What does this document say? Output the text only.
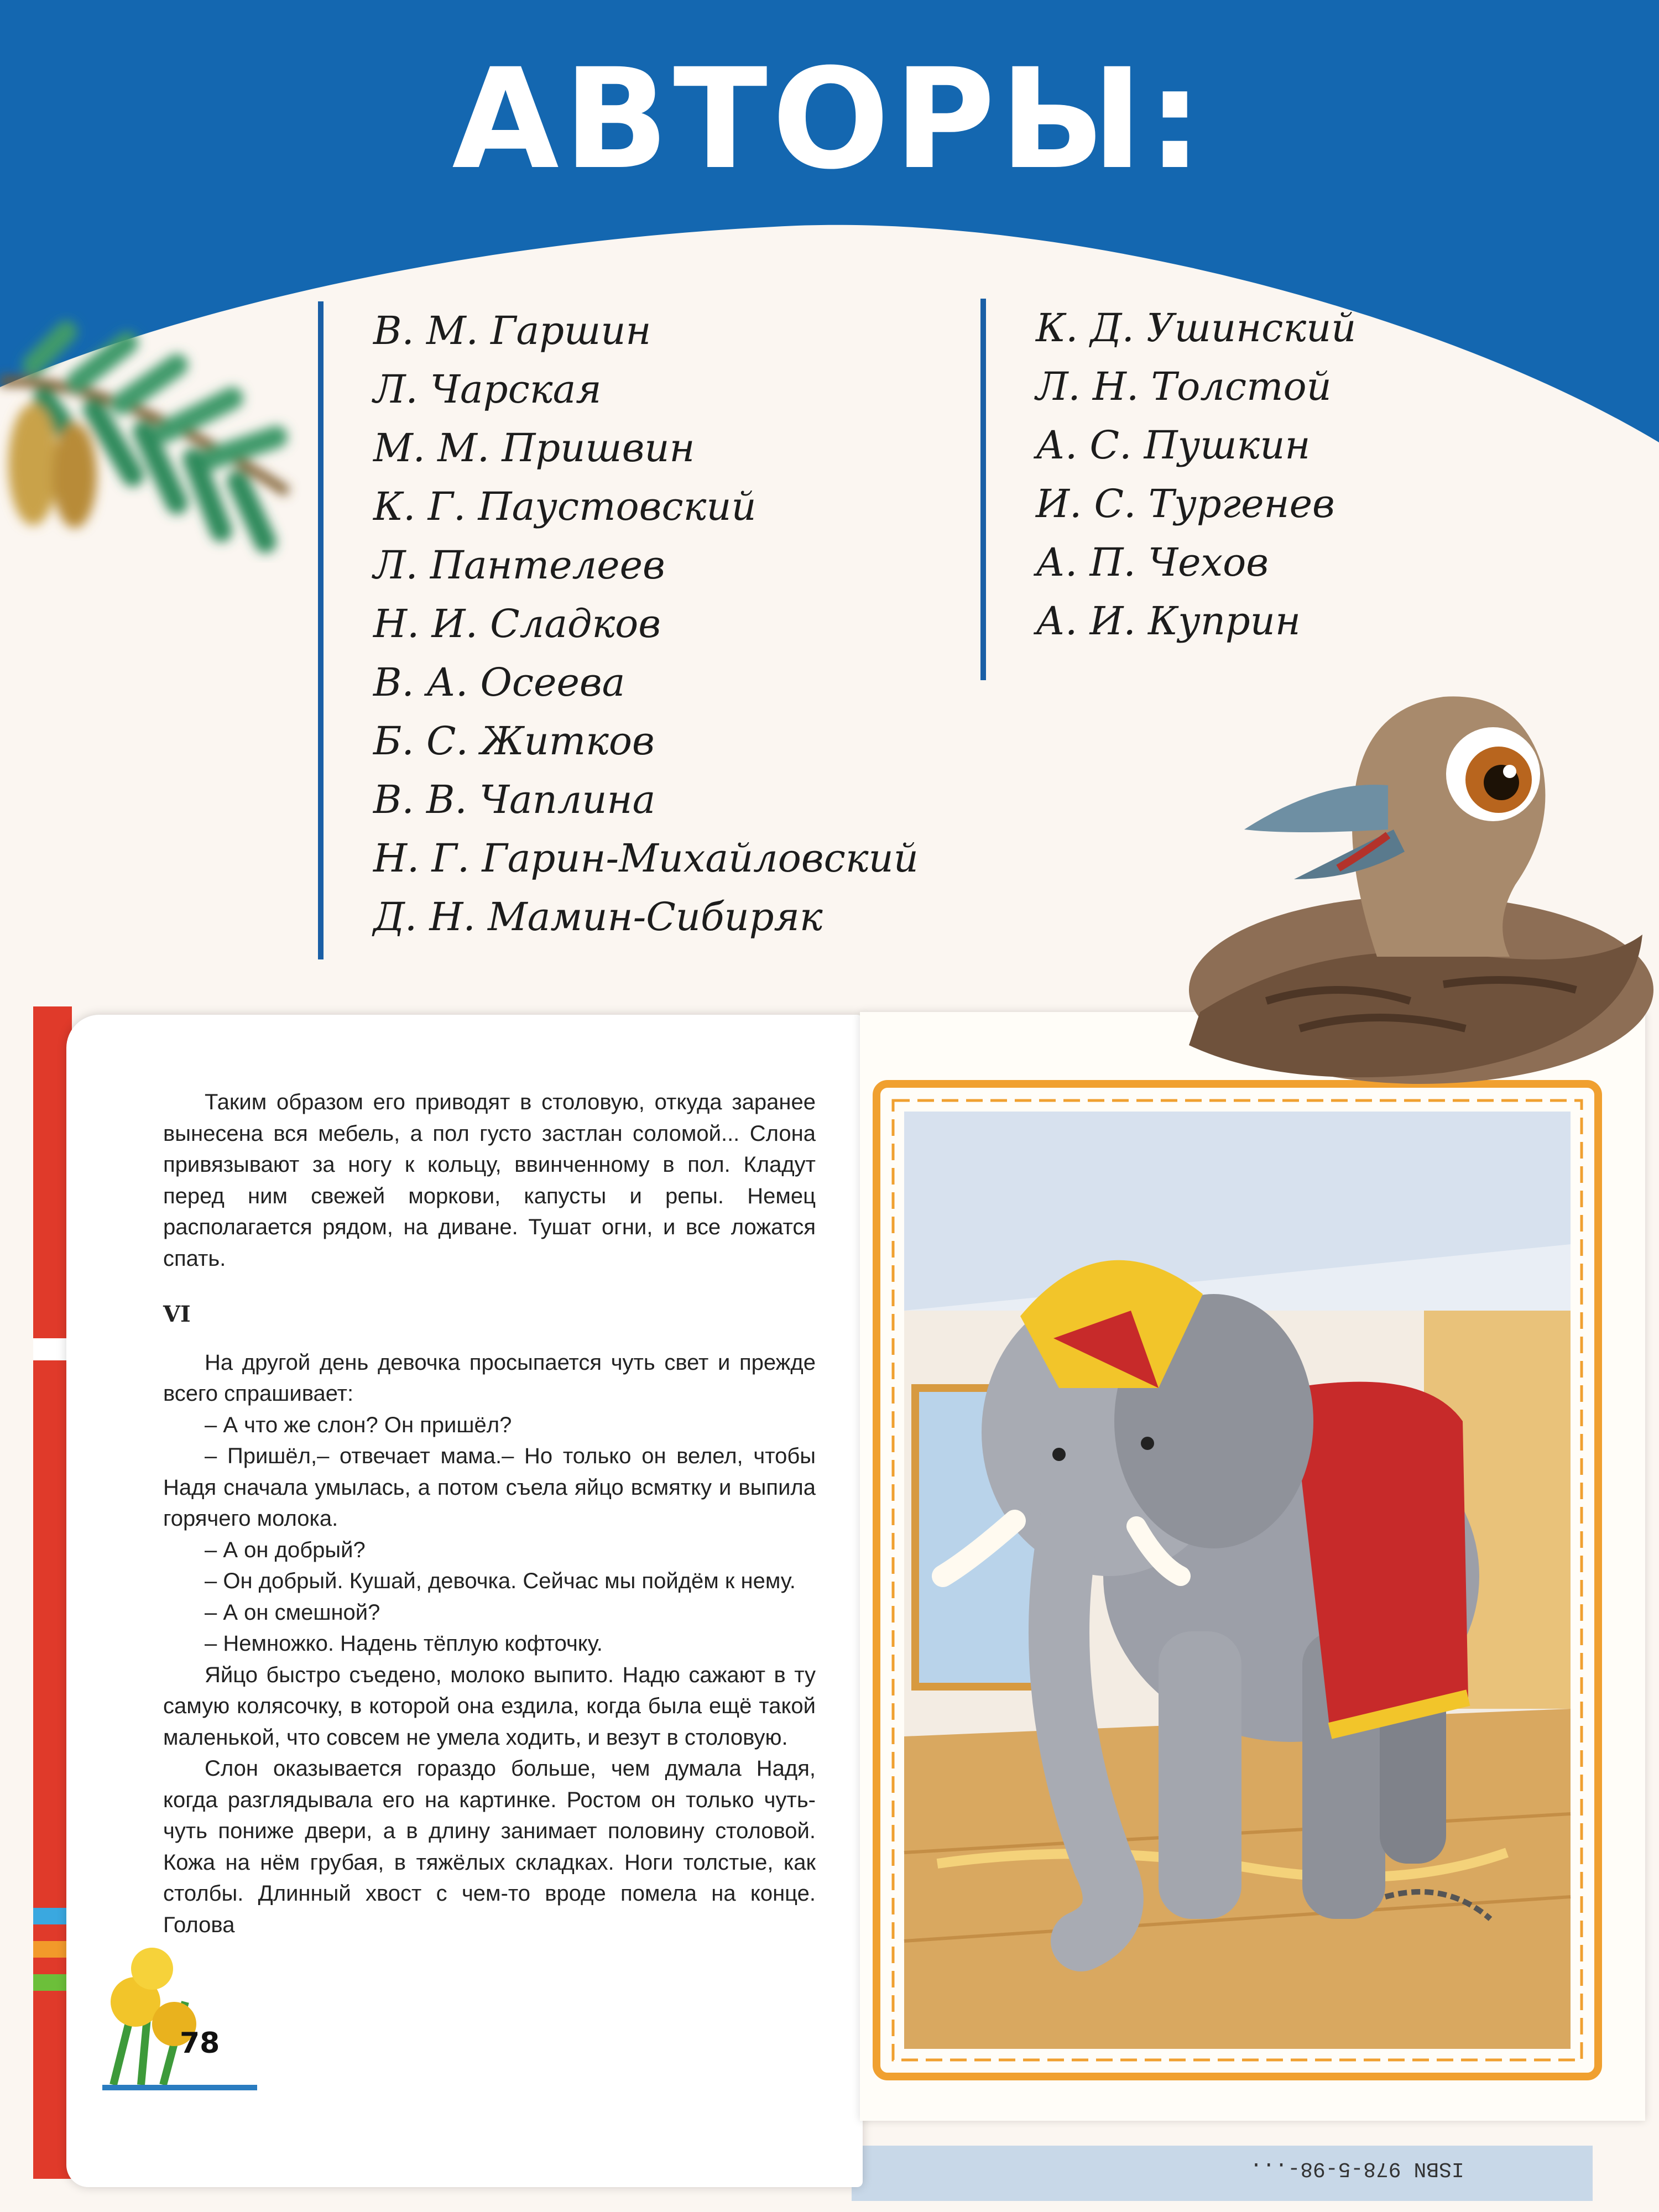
АВТОРЫ:
В. М. Гаршин
Л. Чарская
М. М. Пришвин
К. Г. Паустовский
Л. Пантелеев
Н. И. Сладков
В. А. Осеева
Б. С. Житков
В. В. Чаплина
Н. Г. Гарин-Михайловский
Д. Н. Мамин-Сибиряк
К. Д. Ушинский
Л. Н. Толстой
А. С. Пушкин
И. С. Тургенев
А. П. Чехов
А. И. Куприн

Таким образом его приводят в столовую, откуда заранее вынесена вся мебель, а пол густо застлан соломой... Слона привязывают за ногу к кольцу, ввинченному в пол. Кладут перед ним свежей моркови, капусты и репы. Немец располагается рядом, на диване. Тушат огни, и все ложатся спать.

VI

На другой день девочка просыпается чуть свет и прежде всего спрашивает:

– А что же слон? Он пришёл?

– Пришёл,– отвечает мама.– Но только он велел, чтобы Надя сначала умылась, а потом съела яйцо всмятку и выпила горячего молока.

– А он добрый?

– Он добрый. Кушай, девочка. Сейчас мы пойдём к нему.

– А он смешной?

– Немножко. Надень тёплую кофточку.

Яйцо быстро съедено, молоко выпито. Надю сажают в ту самую колясочку, в которой она ездила, когда была ещё такой маленькой, что совсем не умела ходить, и везут в столовую.

Слон оказывается гораздо больше, чем думала Надя, когда разглядывала его на картинке. Ростом он только чуть-чуть пониже двери, а в длину занимает половину столовой. Кожа на нём грубая, в тяжёлых складках. Ноги толстые, как столбы. Длинный хвост с чем-то вроде помела на конце. Голова

78
ISBN 978-5-98-...
